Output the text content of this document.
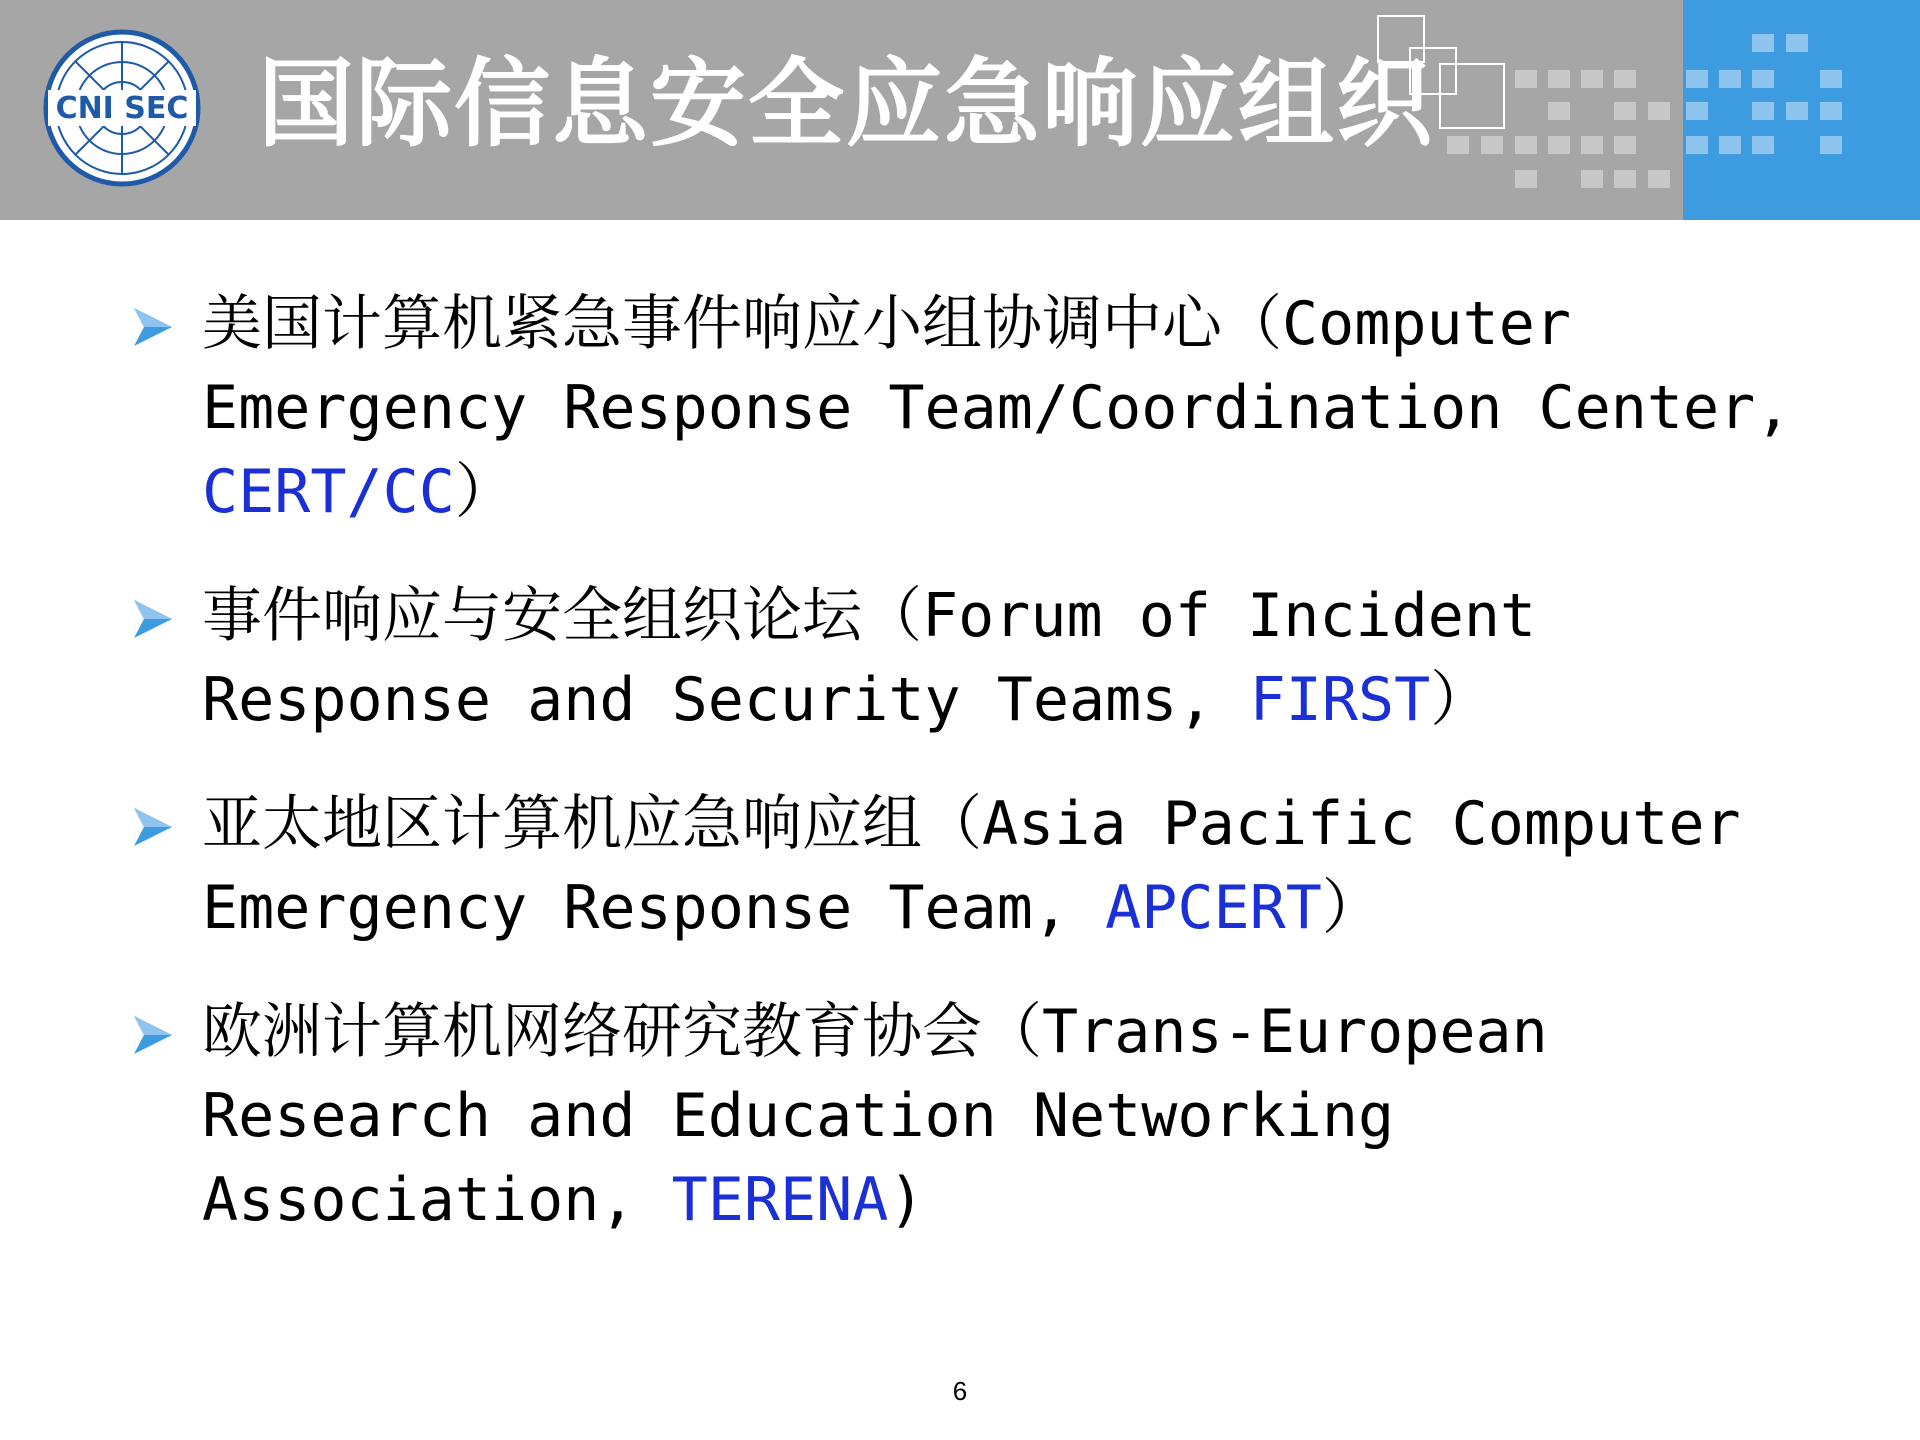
CNI SEC 国际信息安全应急响应组织
美国计算机紧急事件响应小组协调中心（Computer Emergency Response Team/Coordination Center, CERT/CC）
事件响应与安全组织论坛（Forum of Incident Response and Security Teams, FIRST）
亚太地区计算机应急响应组（Asia Pacific Computer Emergency Response Team, APCERT）
欧洲计算机网络研究教育协会（Trans-European Research and Education Networking Association, TERENA)
6
